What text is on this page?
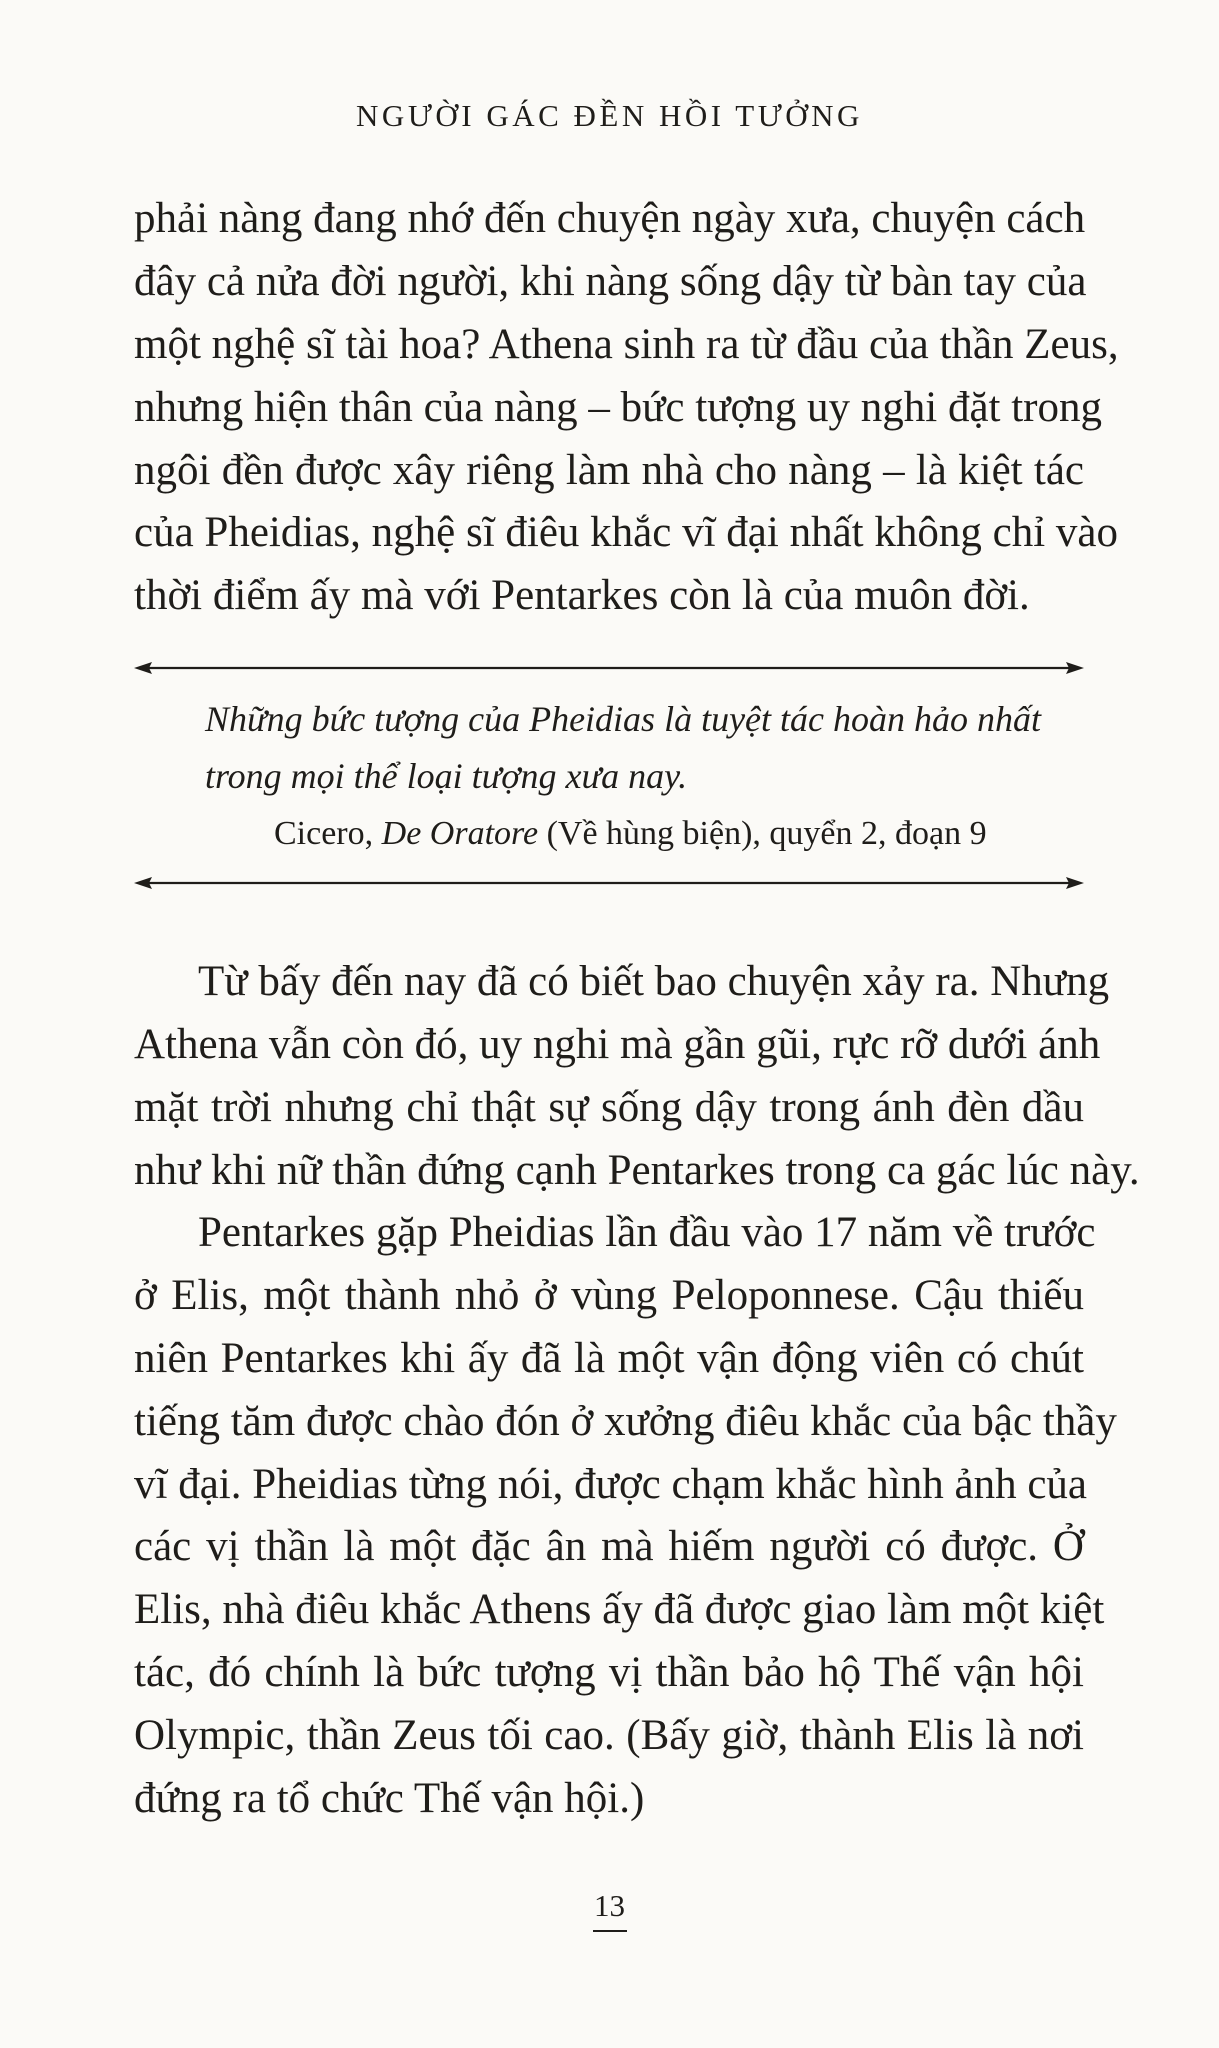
NGƯỜI GÁC ĐỀN HỒI TƯỞNG
phải nàng đang nhớ đến chuyện ngày xưa, chuyện cách
đây cả nửa đời người, khi nàng sống dậy từ bàn tay của
một nghệ sĩ tài hoa? Athena sinh ra từ đầu của thần Zeus,
nhưng hiện thân của nàng – bức tượng uy nghi đặt trong
ngôi đền được xây riêng làm nhà cho nàng – là kiệt tác
của Pheidias, nghệ sĩ điêu khắc vĩ đại nhất không chỉ vào
thời điểm ấy mà với Pentarkes còn là của muôn đời.
Những bức tượng của Pheidias là tuyệt tác hoàn hảo nhất
trong mọi thể loại tượng xưa nay.
Cicero, De Oratore (Về hùng biện), quyển 2, đoạn 9
Từ bấy đến nay đã có biết bao chuyện xảy ra. Nhưng
Athena vẫn còn đó, uy nghi mà gần gũi, rực rỡ dưới ánh
mặt trời nhưng chỉ thật sự sống dậy trong ánh đèn dầu
như khi nữ thần đứng cạnh Pentarkes trong ca gác lúc này.
Pentarkes gặp Pheidias lần đầu vào 17 năm về trước
ở Elis, một thành nhỏ ở vùng Peloponnese. Cậu thiếu
niên Pentarkes khi ấy đã là một vận động viên có chút
tiếng tăm được chào đón ở xưởng điêu khắc của bậc thầy
vĩ đại. Pheidias từng nói, được chạm khắc hình ảnh của
các vị thần là một đặc ân mà hiếm người có được. Ở
Elis, nhà điêu khắc Athens ấy đã được giao làm một kiệt
tác, đó chính là bức tượng vị thần bảo hộ Thế vận hội
Olympic, thần Zeus tối cao. (Bấy giờ, thành Elis là nơi
đứng ra tổ chức Thế vận hội.)
13
